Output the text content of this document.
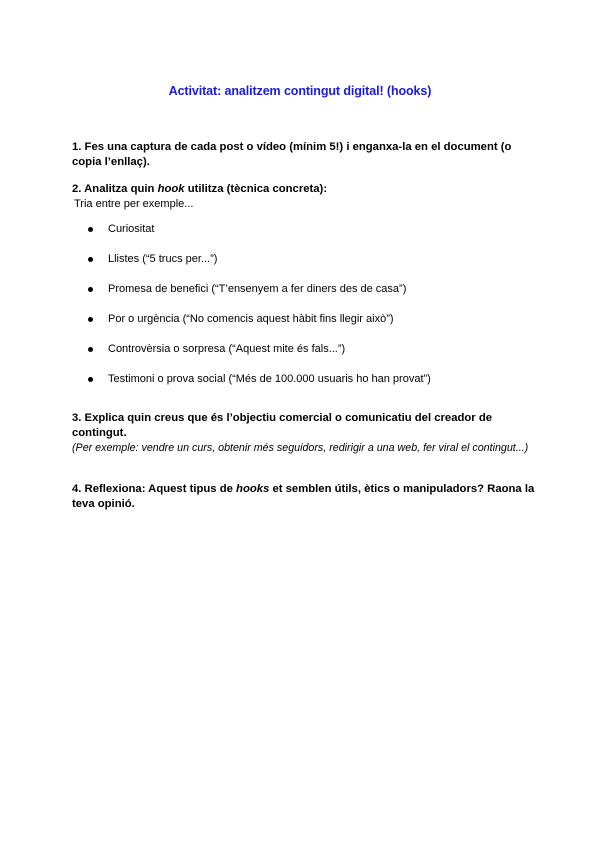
Activitat: analitzem contingut digital! (hooks)
1. Fes una captura de cada post o vídeo (mínim 5!) i enganxa-la en el document (o copia l’enllaç).
2. Analitza quin hook utilitza (tècnica concreta):
Tria entre per exemple...
Curiositat
Llistes (“5 trucs per...”)
Promesa de benefici (“T’ensenyem a fer diners des de casa”)
Por o urgència (“No comencis aquest hàbit fins llegir això”)
Controvèrsia o sorpresa (“Aquest mite és fals...”)
Testimoni o prova social (“Més de 100.000 usuaris ho han provat”)
3. Explica quin creus que és l’objectiu comercial o comunicatiu del creador de contingut.
(Per exemple: vendre un curs, obtenir més seguidors, redirigir a una web, fer viral el contingut...)
4. Reflexiona: Aquest tipus de hooks et semblen útils, ètics o manipuladors? Raona la teva opinió.
